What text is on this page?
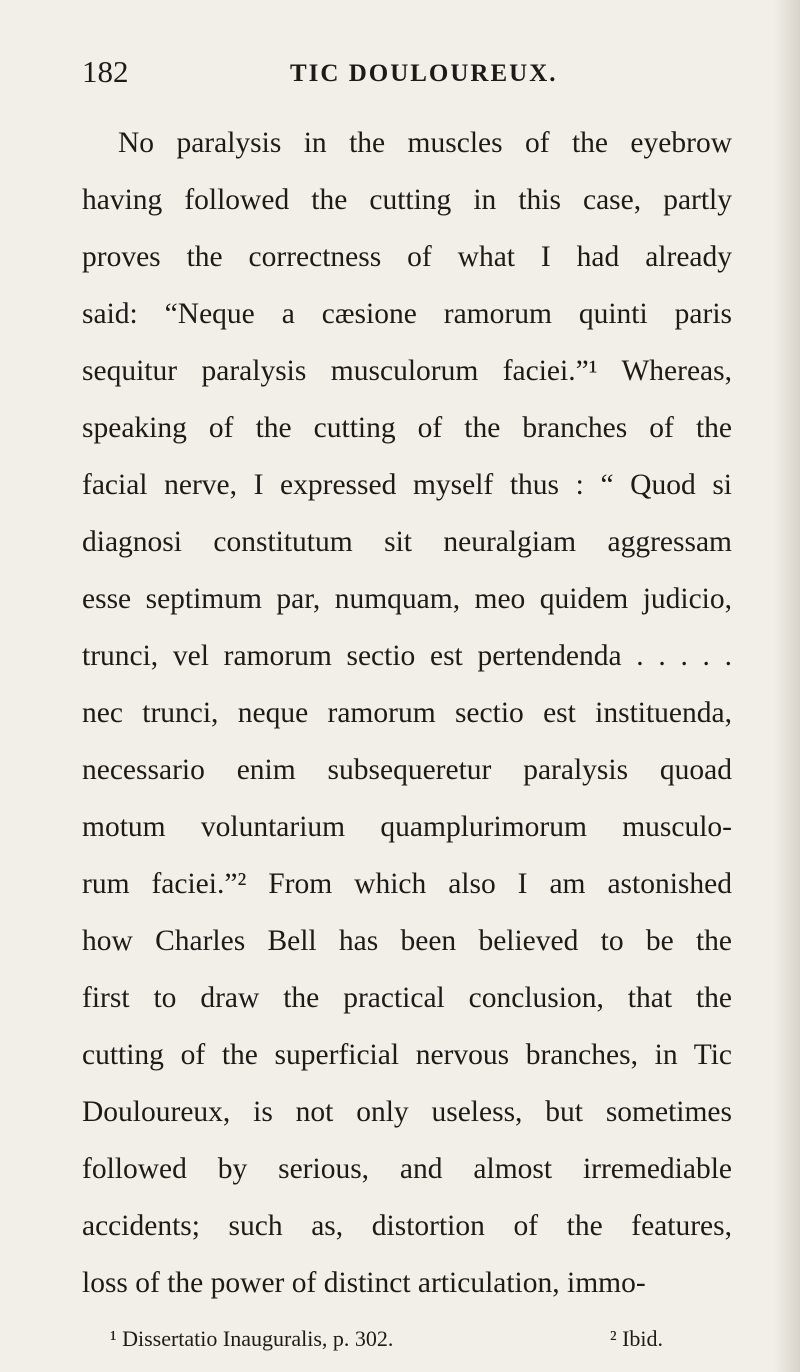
182	TIC DOULOUREUX.
No paralysis in the muscles of the eyebrow
having followed the cutting in this case, partly
proves the correctness of what I had already
said: “Neque a cæsione ramorum quinti paris
sequitur paralysis musculorum faciei.”¹ Whereas,
speaking of the cutting of the branches of the
facial nerve, I expressed myself thus : “ Quod si
diagnosi constitutum sit neuralgiam aggressam
esse septimum par, numquam, meo quidem judicio,
trunci, vel ramorum sectio est pertendenda . . . . .
nec trunci, neque ramorum sectio est instituenda,
necessario enim subsequeretur paralysis quoad
motum voluntarium quamplurimorum musculo-
rum faciei.”² From which also I am astonished
how Charles Bell has been believed to be the
first to draw the practical conclusion, that the
cutting of the superficial nervous branches, in Tic
Douloureux, is not only useless, but sometimes
followed by serious, and almost irremediable
accidents; such as, distortion of the features,
loss of the power of distinct articulation, immo-
¹ Dissertatio Inauguralis, p. 302.	² Ibid.
